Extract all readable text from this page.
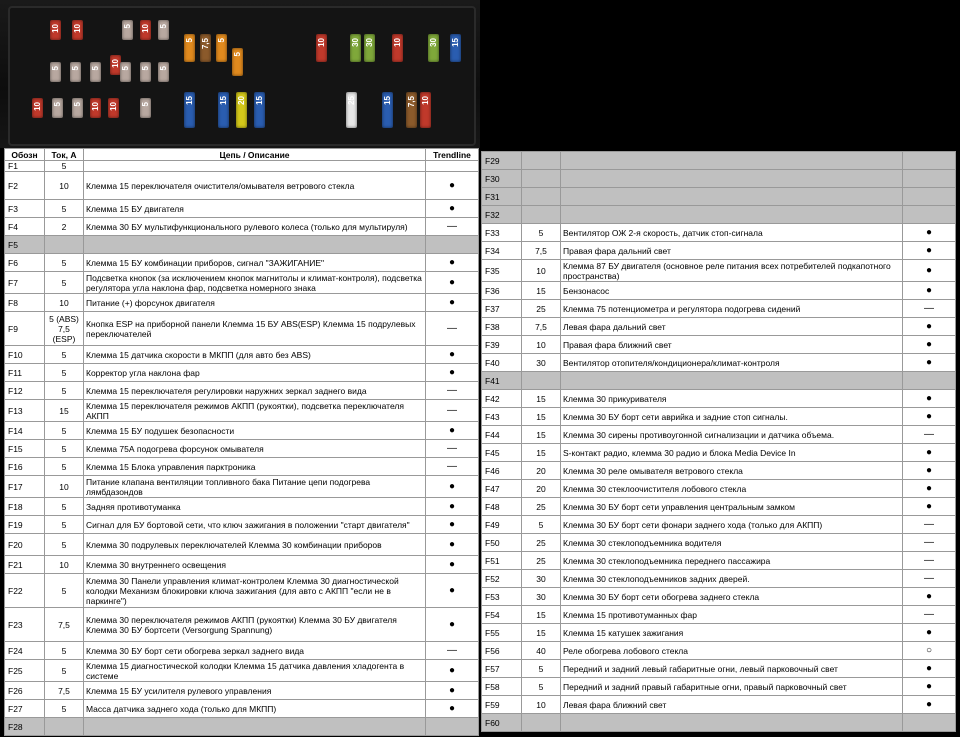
10 10	5 10 5
10
5 5 5	5 5 5
10 5 5 10 10	5
5 7,5 5
5
10	30
15	15 20 15
30 10
7,5 10
30
15
15
25
Обозн	Ток, А	Цепь / Описание	Trendline
F1	5		
F2	10	Клемма 15 переключателя очистителя/омывателя ветрового стекла	●
F3	5	Клемма 15 БУ двигателя	●
F4	2	Клемма 30 БУ мультифункционального рулевого колеса (только для мультируля)	—
F5			
F6	5	Клемма 15 БУ комбинации приборов, сигнал "ЗАЖИГАНИЕ"	●
F7	5	Подсветка кнопок (за исключением кнопок магнитолы и климат-контроля), подсветка регулятора угла наклона фар, подсветка номерного знака	●
F8	10	Питание (+) форсунок двигателя	●
F9	5 (ABS) 7,5 (ESP)	Кнопка ESP на приборной панели Клемма 15 БУ ABS(ESP) Клемма 15 подрулевых переключателей	—
F10	5	Клемма 15 датчика скорости в МКПП (для авто без ABS)	●
F11	5	Корректор угла наклона фар	●
F12	5	Клемма 15 переключателя регулировки наружних зеркал заднего вида	—
F13	15	Клемма 15 переключателя режимов АКПП (рукоятки), подсветка переключателя АКПП	—
F14	5	Клемма 15 БУ подушек безопасности	●
F15	5	Клемма 75А подогрева форсунок омывателя	—
F16	5	Клемма 15 Блока управления парктроника	—
F17	10	Питание клапана вентиляции топливного бака Питание цепи подогрева лямбдазондов	●
F18	5	Задняя противотуманка	●
F19	5	Сигнал для БУ бортовой сети, что ключ зажигания в положении "старт двигателя"	●
F20	5	Клемма 30 подрулевых переключателей Клемма 30 комбинации приборов	●
F21	10	Клемма 30 внутреннего освещения	●
F22	5	Клемма 30 Панели управления климат-контролем Клемма 30 диагностической колодки Механизм блокировки ключа зажигания (для авто с АКПП "если не в паркинге")	●
F23	7,5	Клемма 30 переключателя режимов АКПП (рукоятки) Клемма 30 БУ двигателя Клемма 30 БУ бортсети (Versorgung Spannung)	●
F24	5	Клемма 30 БУ борт сети обогрева зеркал заднего вида	—
F25	5	Клемма 15 диагностической колодки Клемма 15 датчика давления хладогента в системе	●
F26	7,5	Клемма 15 БУ усилителя рулевого управления	●
F27	5	Масса датчика заднего хода (только для МКПП)	●
F28			
F29			
F30			
F31			
F32			
F33	5	Вентилятор ОЖ 2-я скорость, датчик стоп-сигнала	●
F34	7,5	Правая фара дальний свет	●
F35	10	Клемма 87 БУ двигателя (основное реле питания всех потребителей подкапотного пространства)	●
F36	15	Бензонасос	●
F37	25	Клемма 75 потенциометра и регулятора подогрева сидений	—
F38	7,5	Левая фара дальний свет	●
F39	10	Правая фара ближний свет	●
F40	30	Вентилятор отопителя/кондиционера/климат-контроля	●
F41			
F42	15	Клемма 30 прикуривателя	●
F43	15	Клемма 30 БУ борт сети аврийка и задние стоп сигналы.	●
F44	15	Клемма 30 сирены противоугонной сигнализации и датчика объема.	—
F45	15	S-контакт радио, клемма 30 радио и блока Media Device In	●
F46	20	Клемма 30 реле омывателя ветрового стекла	●
F47	20	Клемма 30 стеклоочистителя лобового стекла	●
F48	25	Клемма 30 БУ борт сети управления центральным замком	●
F49	5	Клемма 30 БУ борт сети фонари заднего хода (только для АКПП)	—
F50	25	Клемма 30 стеклоподъемника водителя	—
F51	25	Клемма 30 стеклоподъемника переднего пассажира	—
F52	30	Клемма 30 стеклоподъемников задних дверей.	—
F53	30	Клемма 30 БУ борт сети обогрева заднего стекла	●
F54	15	Клемма 15 противотуманных фар	—
F55	15	Клемма 15 катушек зажигания	●
F56	40	Реле обогрева лобового стекла	○
F57	5	Передний и задний левый габаритные огни, левый парковочный свет	●
F58	5	Передний и задний правый габаритные огни, правый парковочный свет	●
F59	10	Левая фара ближний свет	●
F60			
